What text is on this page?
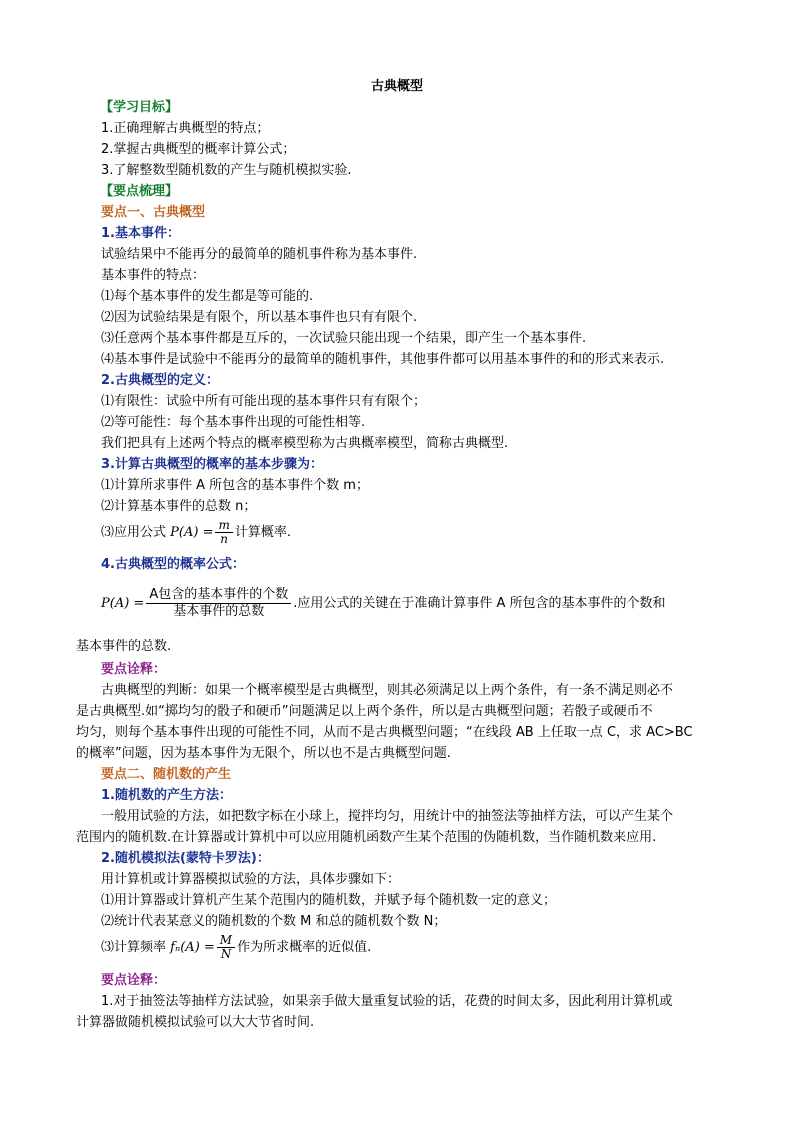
古典概型
【学习目标】
1.正确理解古典概型的特点；
2.掌握古典概型的概率计算公式；
3.了解整数型随机数的产生与随机模拟实验.
【要点梳理】
要点一、古典概型
1.基本事件：
试验结果中不能再分的最简单的随机事件称为基本事件.
基本事件的特点：
⑴每个基本事件的发生都是等可能的.
⑵因为试验结果是有限个，所以基本事件也只有有限个.
⑶任意两个基本事件都是互斥的，一次试验只能出现一个结果，即产生一个基本事件.
⑷基本事件是试验中不能再分的最简单的随机事件，其他事件都可以用基本事件的和的形式来表示.
2.古典概型的定义：
⑴有限性：试验中所有可能出现的基本事件只有有限个；
⑵等可能性：每个基本事件出现的可能性相等.
我们把具有上述两个特点的概率模型称为古典概率模型，简称古典概型.
3.计算古典概型的概率的基本步骤为：
⑴计算所求事件 A 所包含的基本事件个数 m；
⑵计算基本事件的总数 n；
⑶应用公式 $P(A) = \frac{m}{n}$ 计算概率.
4.古典概型的概率公式：
$P(A) = \frac{\text{A包含的基本事件的个数}}{\text{基本事件的总数}}$ .应用公式的关键在于准确计算事件 A 所包含的基本事件的个数和
基本事件的总数.
要点诠释：
古典概型的判断：如果一个概率模型是古典概型，则其必须满足以上两个条件，有一条不满足则必不
是古典概型.如“掷均匀的骰子和硬币”问题满足以上两个条件，所以是古典概型问题；若骰子或硬币不
均匀，则每个基本事件出现的可能性不同，从而不是古典概型问题；“在线段 AB 上任取一点 C，求 AC>BC
的概率”问题，因为基本事件为无限个，所以也不是古典概型问题.
要点二、随机数的产生
1.随机数的产生方法：
一般用试验的方法，如把数字标在小球上，搅拌均匀，用统计中的抽签法等抽样方法，可以产生某个
范围内的随机数.在计算器或计算机中可以应用随机函数产生某个范围的伪随机数，当作随机数来应用.
2.随机模拟法(蒙特卡罗法)：
用计算机或计算器模拟试验的方法，具体步骤如下：
⑴用计算器或计算机产生某个范围内的随机数，并赋予每个随机数一定的意义；
⑵统计代表某意义的随机数的个数 M 和总的随机数个数 N；
⑶计算频率 $f_n(A) = \frac{M}{N}$ 作为所求概率的近似值.
要点诠释：
1.对于抽签法等抽样方法试验，如果亲手做大量重复试验的话，花费的时间太多，因此利用计算机或
计算器做随机模拟试验可以大大节省时间.
